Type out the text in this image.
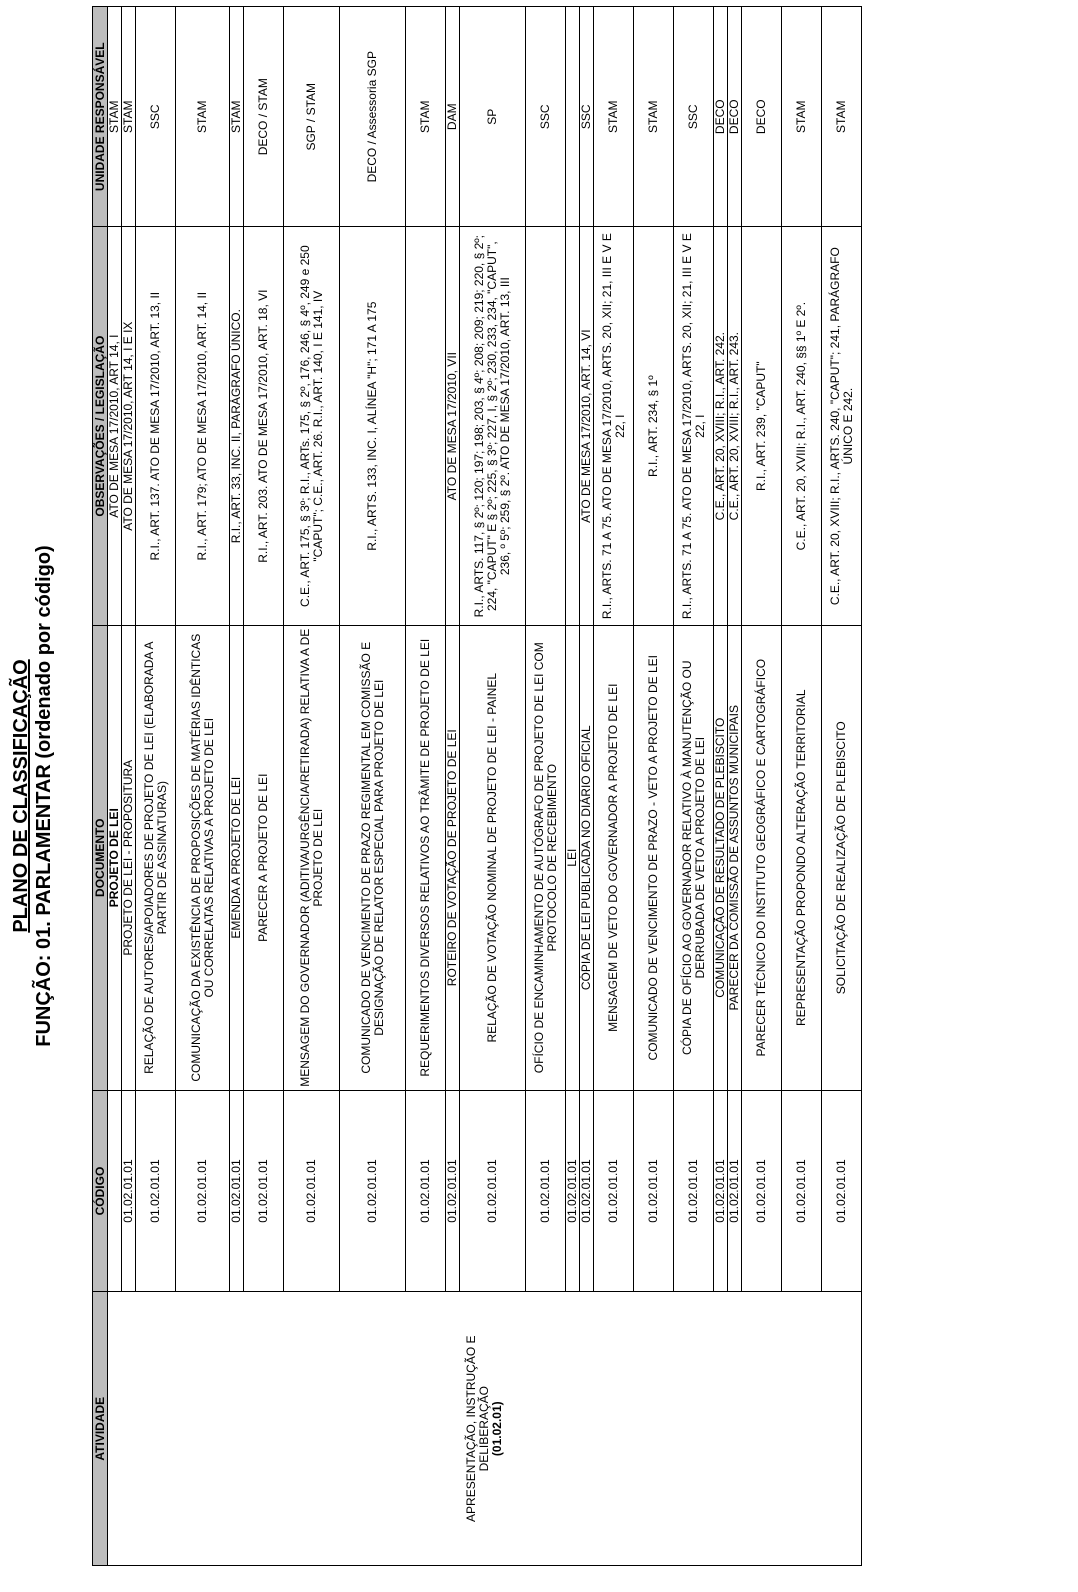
PLANO DE CLASSIFICAÇÃO FUNÇÃO: 01. PARLAMENTAR (ordenado por código)
ATIVIDADE	CÓDIGO	DOCUMENTO	OBSERVAÇÕES / LEGISLAÇÃO	UNIDADE RESPONSÁVEL

APRESENTAÇÃO, INSTRUÇÃO E DELIBERAÇÃO (01.02.01)		PROJETO DE LEI	ATO DE MESA 17/2010, ART 14, I	STAM
	01.02.01.01	PROJETO DE LEI - PROPOSITURA	ATO DE MESA 17/2010, ART 14, I E IX	STAM
	01.02.01.01	RELAÇÃO DE AUTORES/APOIADORES DE PROJETO DE LEI (ELABORADA A PARTIR DE ASSINATURAS)	R.I., ART. 137. ATO DE MESA 17/2010, ART. 13, II	SSC
	01.02.01.01	COMUNICAÇÃO DA EXISTÊNCIA DE PROPOSIÇÕES DE MATÉRIAS IDÊNTICAS OU CORRELATAS RELATIVAS A PROJETO DE LEI	R.I., ART. 179; ATO DE MESA 17/2010, ART. 14, II	STAM
	01.02.01.01	EMENDA A PROJETO DE LEI	R.I., ART. 33, INC. II, PARÁGRAFO ÚNICO.	STAM
	01.02.01.01	PARECER A PROJETO DE LEI	R.I., ART. 203. ATO DE MESA 17/2010, ART. 18, VI	DECO / STAM
	01.02.01.01	MENSAGEM DO GOVERNADOR (ADITIVA/URGÊNCIA/RETIRADA) RELATIVA A DE PROJETO DE LEI	C.E., ART. 175, § 3º; R.I., ARTs. 175, § 2º, 176, 246, § 4º, 249 e 250 "CAPUT"; C.E., ART. 26. R.I., ART. 140, I E 141, IV	SGP / STAM
	01.02.01.01	COMUNICADO DE VENCIMENTO DE PRAZO REGIMENTAL EM COMISSÃO E DESIGNAÇÃO DE RELATOR ESPECIAL PARA PROJETO DE LEI	R.I., ARTS. 133, INC. I, ALÍNEA "H"; 171 A 175	DECO / Assessoria SGP
	01.02.01.01	REQUERIMENTOS DIVERSOS RELATIVOS AO TRÂMITE DE PROJETO DE LEI		STAM
	01.02.01.01	ROTEIRO DE VOTAÇÃO DE PROJETO DE LEI	ATO DE MESA 17/2010, VII	DAM
	01.02.01.01	RELAÇÃO DE VOTAÇÃO NOMINAL DE PROJETO DE LEI - PAINEL	R.I., ARTS. 117, § 2º; 120; 197; 198; 203, § 4º; 208; 209; 219; 220, § 2º; 224, "CAPUT" E § 2º; 225, § 3º; 227, I, § 2º; 230, 233, 234, "CAPUT", 236, º 5º; 259, § 2º. ATO DE MESA 17/2010, ART. 13, III	SP
	01.02.01.01	OFÍCIO DE ENCAMINHAMENTO DE AUTÓGRAFO DE PROJETO DE LEI COM PROTOCOLO DE RECEBIMENTO		SSC
	01.02.01.01	LEI		
	01.02.01.01	CÓPIA DE LEI PUBLICADA NO DIÁRIO OFICIAL	ATO DE MESA 17/2010, ART. 14, VI	SSC
	01.02.01.01	MENSAGEM DE VETO DO GOVERNADOR A PROJETO DE LEI	R.I., ARTS. 71 A 75. ATO DE MESA 17/2010, ARTS. 20, XII; 21, III E V E 22, I	STAM
	01.02.01.01	COMUNICADO DE VENCIMENTO DE PRAZO - VETO A PROJETO DE LEI	R.I., ART. 234, § 1º	STAM
	01.02.01.01	CÓPIA DE OFÍCIO AO GOVERNADOR RELATIVO À MANUTENÇÃO OU DERRUBADA DE VETO A PROJETO DE LEI	R.I., ARTS. 71 A 75. ATO DE MESA 17/2010, ARTS. 20, XII; 21, III E V E 22, I	SSC
	01.02.01.01	COMUNICAÇÃO DE RESULTADO DE PLEBISCITO	C.E., ART. 20, XVIII; R.I., ART. 242.	DECO
	01.02.01.01	PARECER DA COMISSÃO DE ASSUNTOS MUNICIPAIS	C.E., ART. 20, XVIII; R.I., ART. 243.	DECO
	01.02.01.01	PARECER TÉCNICO DO INSTITUTO GEOGRÁFICO E CARTOGRÁFICO	R.I., ART. 239, "CAPUT"	DECO
	01.02.01.01	REPRESENTAÇÃO PROPONDO ALTERAÇÃO TERRITORIAL	C.E., ART. 20, XVIII; R.I., ART. 240, §§ 1º E 2º.	STAM
	01.02.01.01	SOLICITAÇÃO DE REALIZAÇÃO DE PLEBISCITO	C.E., ART. 20, XVIII; R.I., ARTS. 240, "CAPUT"; 241, PARÁGRAFO ÚNICO E 242.	STAM
